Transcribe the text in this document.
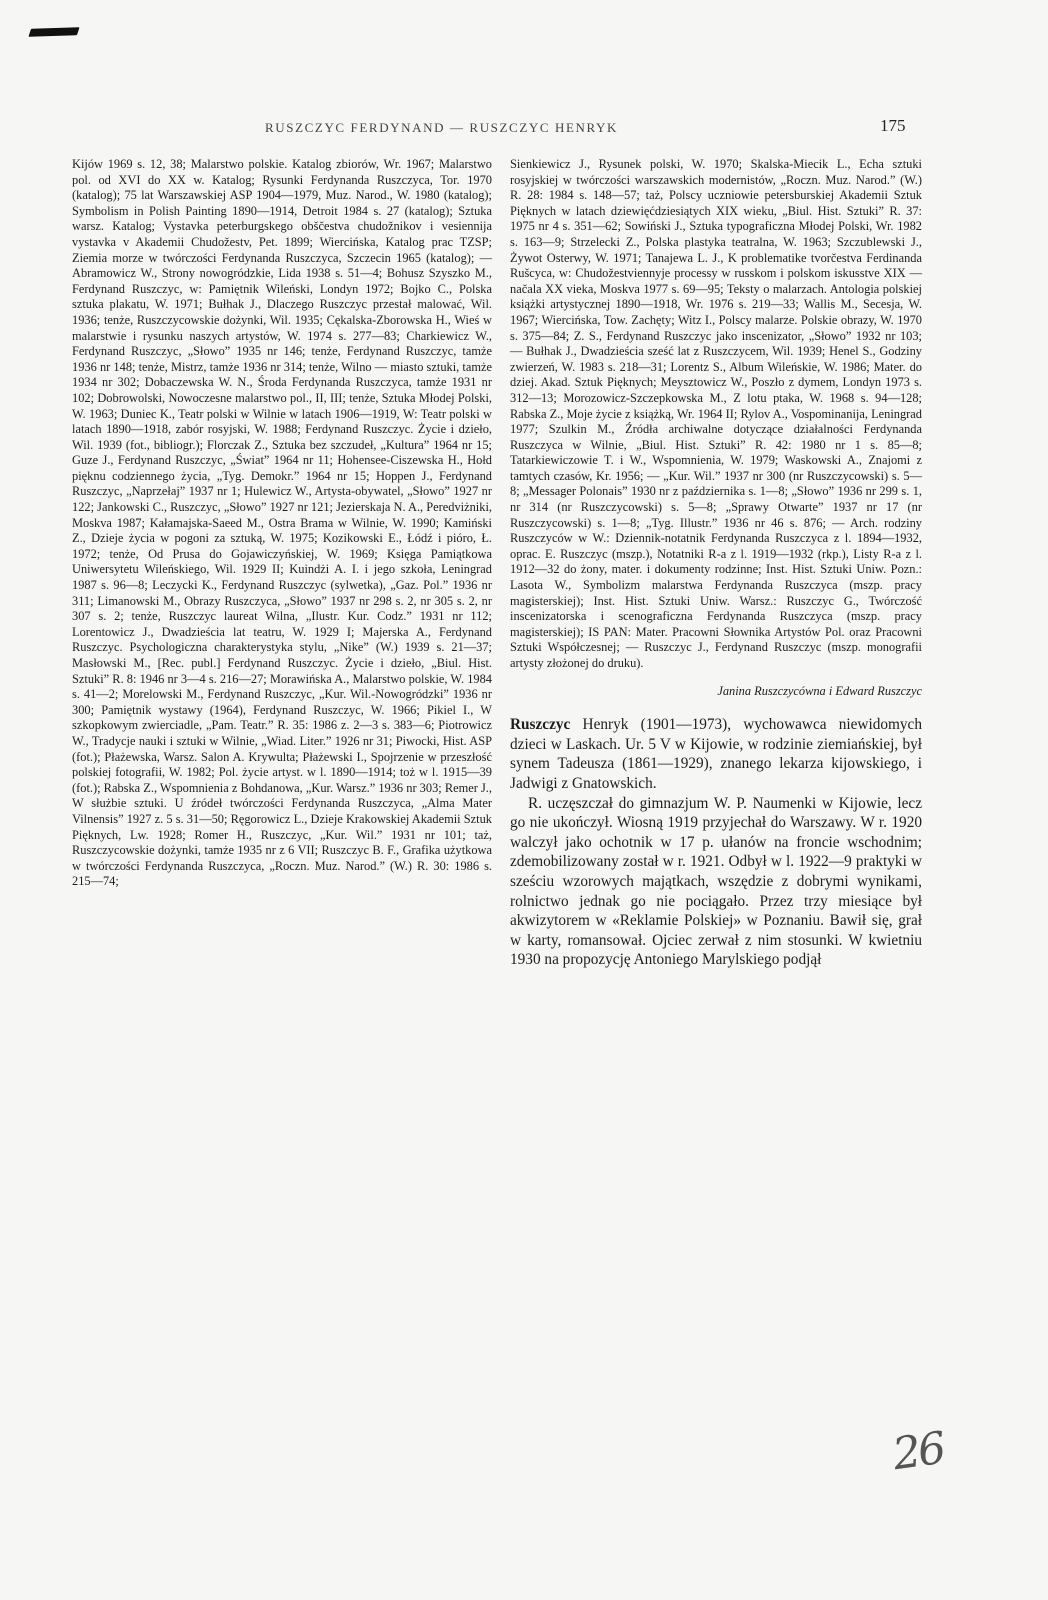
RUSZCZYC FERDYNAND — RUSZCZYC HENRYK	175

Kijów 1969 s. 12, 38; Malarstwo polskie. Katalog zbiorów, Wr. 1967; Malarstwo pol. od XVI do XX w. Katalog; Rysunki Ferdynanda Ruszczyca, Tor. 1970 (katalog); 75 lat Warszawskiej ASP 1904—1979, Muz. Narod., W. 1980 (katalog); Symbolism in Polish Painting 1890—1914, Detroit 1984 s. 27 (katalog); Sztuka warsz. Katalog; Vystavka peterburgskego obščestva chudožnikov i vesiennija vystavka v Akademii Chudožestv, Pet. 1899; Wiercińska, Katalog prac TZSP; Ziemia morze w twórczości Ferdynanda Ruszczyca, Szczecin 1965 (katalog); — Abramowicz W., Strony nowogródzkie, Lida 1938 s. 51—4; Bohusz Szyszko M., Ferdynand Ruszczyc, w: Pamiętnik Wileński, Londyn 1972; Bojko C., Polska sztuka plakatu, W. 1971; Bułhak J., Dlaczego Ruszczyc przestał malować, Wil. 1936; tenże, Ruszczycowskie dożynki, Wil. 1935; Cękalska-Zborowska H., Wieś w malarstwie i rysunku naszych artystów, W. 1974 s. 277—83; Charkiewicz W., Ferdynand Ruszczyc, „Słowo” 1935 nr 146; tenże, Ferdynand Ruszczyc, tamże 1936 nr 148; tenże, Mistrz, tamże 1936 nr 314; tenże, Wilno — miasto sztuki, tamże 1934 nr 302; Dobaczewska W. N., Środa Ferdynanda Ruszczyca, tamże 1931 nr 102; Dobrowolski, Nowoczesne malarstwo pol., II, III; tenże, Sztuka Młodej Polski, W. 1963; Duniec K., Teatr polski w Wilnie w latach 1906—1919, W: Teatr polski w latach 1890—1918, zabór rosyjski, W. 1988; Ferdynand Ruszczyc. Życie i dzieło, Wil. 1939 (fot., bibliogr.); Florczak Z., Sztuka bez szczudeł, „Kultura” 1964 nr 15; Guze J., Ferdynand Ruszczyc, „Świat” 1964 nr 11; Hohensee-Ciszewska H., Hołd pięknu codziennego życia, „Tyg. Demokr.” 1964 nr 15; Hoppen J., Ferdynand Ruszczyc, „Naprzełaj” 1937 nr 1; Hulewicz W., Artysta-obywatel, „Słowo” 1927 nr 122; Jankowski C., Ruszczyc, „Słowo” 1927 nr 121; Jezierskaja N. A., Peredviżniki, Moskva 1987; Kałamajska-Saeed M., Ostra Brama w Wilnie, W. 1990; Kamiński Z., Dzieje życia w pogoni za sztuką, W. 1975; Kozikowski E., Łódź i pióro, Ł. 1972; tenże, Od Prusa do Gojawiczyńskiej, W. 1969; Księga Pamiątkowa Uniwersytetu Wileńskiego, Wil. 1929 II; Kuindżi A. I. i jego szkoła, Leningrad 1987 s. 96—8; Leczycki K., Ferdynand Ruszczyc (sylwetka), „Gaz. Pol.” 1936 nr 311; Limanowski M., Obrazy Ruszczyca, „Słowo” 1937 nr 298 s. 2, nr 305 s. 2, nr 307 s. 2; tenże, Ruszczyc laureat Wilna, „Ilustr. Kur. Codz.” 1931 nr 112; Lorentowicz J., Dwadzieścia lat teatru, W. 1929 I; Majerska A., Ferdynand Ruszczyc. Psychologiczna charakterystyka stylu, „Nike” (W.) 1939 s. 21—37; Masłowski M., [Rec. publ.] Ferdynand Ruszczyc. Życie i dzieło, „Biul. Hist. Sztuki” R. 8: 1946 nr 3—4 s. 216—27; Morawińska A., Malarstwo polskie, W. 1984 s. 41—2; Morelowski M., Ferdynand Ruszczyc, „Kur. Wil.-Nowogródzki” 1936 nr 300; Pamiętnik wystawy (1964), Ferdynand Ruszczyc, W. 1966; Pikiel I., W szkopkowym zwierciadle, „Pam. Teatr.” R. 35: 1986 z. 2—3 s. 383—6; Piotrowicz W., Tradycje nauki i sztuki w Wilnie, „Wiad. Liter.” 1926 nr 31; Piwocki, Hist. ASP (fot.); Płażewska, Warsz. Salon A. Krywulta; Płażewski I., Spojrzenie w przeszłość polskiej fotografii, W. 1982; Pol. życie artyst. w l. 1890—1914; toż w l. 1915—39 (fot.); Rabska Z., Wspomnienia z Bohdanowa, „Kur. Warsz.” 1936 nr 303; Remer J., W służbie sztuki. U źródeł twórczości Ferdynanda Ruszczyca, „Alma Mater Vilnensis” 1927 z. 5 s. 31—50; Ręgorowicz L., Dzieje Krakowskiej Akademii Sztuk Pięknych, Lw. 1928; Romer H., Ruszczyc, „Kur. Wil.” 1931 nr 101; taż, Ruszczycowskie dożynki, tamże 1935 nr z 6 VII; Ruszczyc B. F., Grafika użytkowa w twórczości Ferdynanda Ruszczyca, „Roczn. Muz. Narod.” (W.) R. 30: 1986 s. 215—74;

Sienkiewicz J., Rysunek polski, W. 1970; Skalska-Miecik L., Echa sztuki rosyjskiej w twórczości warszawskich modernistów, „Roczn. Muz. Narod.” (W.) R. 28: 1984 s. 148—57; taż, Polscy uczniowie petersburskiej Akademii Sztuk Pięknych w latach dziewięćdziesiątych XIX wieku, „Biul. Hist. Sztuki” R. 37: 1975 nr 4 s. 351—62; Sowiński J., Sztuka typograficzna Młodej Polski, Wr. 1982 s. 163—9; Strzelecki Z., Polska plastyka teatralna, W. 1963; Szczublewski J., Żywot Osterwy, W. 1971; Tanajewa L. J., K problematike tvorčestva Ferdinanda Rušcyca, w: Chudožestviennyje processy w russkom i polskom iskusstve XIX — načala XX vieka, Moskva 1977 s. 69—95; Teksty o malarzach. Antologia polskiej książki artystycznej 1890—1918, Wr. 1976 s. 219—33; Wallis M., Secesja, W. 1967; Wiercińska, Tow. Zachęty; Witz I., Polscy malarze. Polskie obrazy, W. 1970 s. 375—84; Z. S., Ferdynand Ruszczyc jako inscenizator, „Słowo” 1932 nr 103; — Bułhak J., Dwadzieścia sześć lat z Ruszczycem, Wil. 1939; Henel S., Godziny zwierzeń, W. 1983 s. 218—31; Lorentz S., Album Wileńskie, W. 1986; Mater. do dziej. Akad. Sztuk Pięknych; Meysztowicz W., Poszło z dymem, Londyn 1973 s. 312—13; Morozowicz-Szczepkowska M., Z lotu ptaka, W. 1968 s. 94—128; Rabska Z., Moje życie z książką, Wr. 1964 II; Rylov A., Vospominanija, Leningrad 1977; Szulkin M., Źródła archiwalne dotyczące działalności Ferdynanda Ruszczyca w Wilnie, „Biul. Hist. Sztuki” R. 42: 1980 nr 1 s. 85—8; Tatarkiewiczowie T. i W., Wspomnienia, W. 1979; Waskowski A., Znajomi z tamtych czasów, Kr. 1956; — „Kur. Wil.” 1937 nr 300 (nr Ruszczycowski) s. 5—8; „Messager Polonais” 1930 nr z października s. 1—8; „Słowo” 1936 nr 299 s. 1, nr 314 (nr Ruszczycowski) s. 5—8; „Sprawy Otwarte” 1937 nr 17 (nr Ruszczycowski) s. 1—8; „Tyg. Illustr.” 1936 nr 46 s. 876; — Arch. rodziny Ruszczyców w W.: Dziennik-notatnik Ferdynanda Ruszczyca z l. 1894—1932, oprac. E. Ruszczyc (mszp.), Notatniki R-a z l. 1919—1932 (rkp.), Listy R-a z l. 1912—32 do żony, mater. i dokumenty rodzinne; Inst. Hist. Sztuki Uniw. Pozn.: Lasota W., Symbolizm malarstwa Ferdynanda Ruszczyca (mszp. pracy magisterskiej); Inst. Hist. Sztuki Uniw. Warsz.: Ruszczyc G., Twórczość inscenizatorska i scenograficzna Ferdynanda Ruszczyca (mszp. pracy magisterskiej); IS PAN: Mater. Pracowni Słownika Artystów Pol. oraz Pracowni Sztuki Współczesnej; — Ruszczyc J., Ferdynand Ruszczyc (mszp. monografii artysty złożonej do druku).

Janina Ruszczycówna i Edward Ruszczyc

Ruszczyc Henryk (1901—1973), wychowawca niewidomych dzieci w Laskach. Ur. 5 V w Kijowie, w rodzinie ziemiańskiej, był synem Tadeusza (1861—1929), znanego lekarza kijowskiego, i Jadwigi z Gnatowskich.

R. uczęszczał do gimnazjum W. P. Naumenki w Kijowie, lecz go nie ukończył. Wiosną 1919 przyjechał do Warszawy. W r. 1920 walczył jako ochotnik w 17 p. ułanów na froncie wschodnim; zdemobilizowany został w r. 1921. Odbył w l. 1922—9 praktyki w sześciu wzorowych majątkach, wszędzie z dobrymi wynikami, rolnictwo jednak go nie pociągało. Przez trzy miesiące był akwizytorem w «Reklamie Polskiej» w Poznaniu. Bawił się, grał w karty, romansował. Ojciec zerwał z nim stosunki. W kwietniu 1930 na propozycję Antoniego Marylskiego podjął

26
